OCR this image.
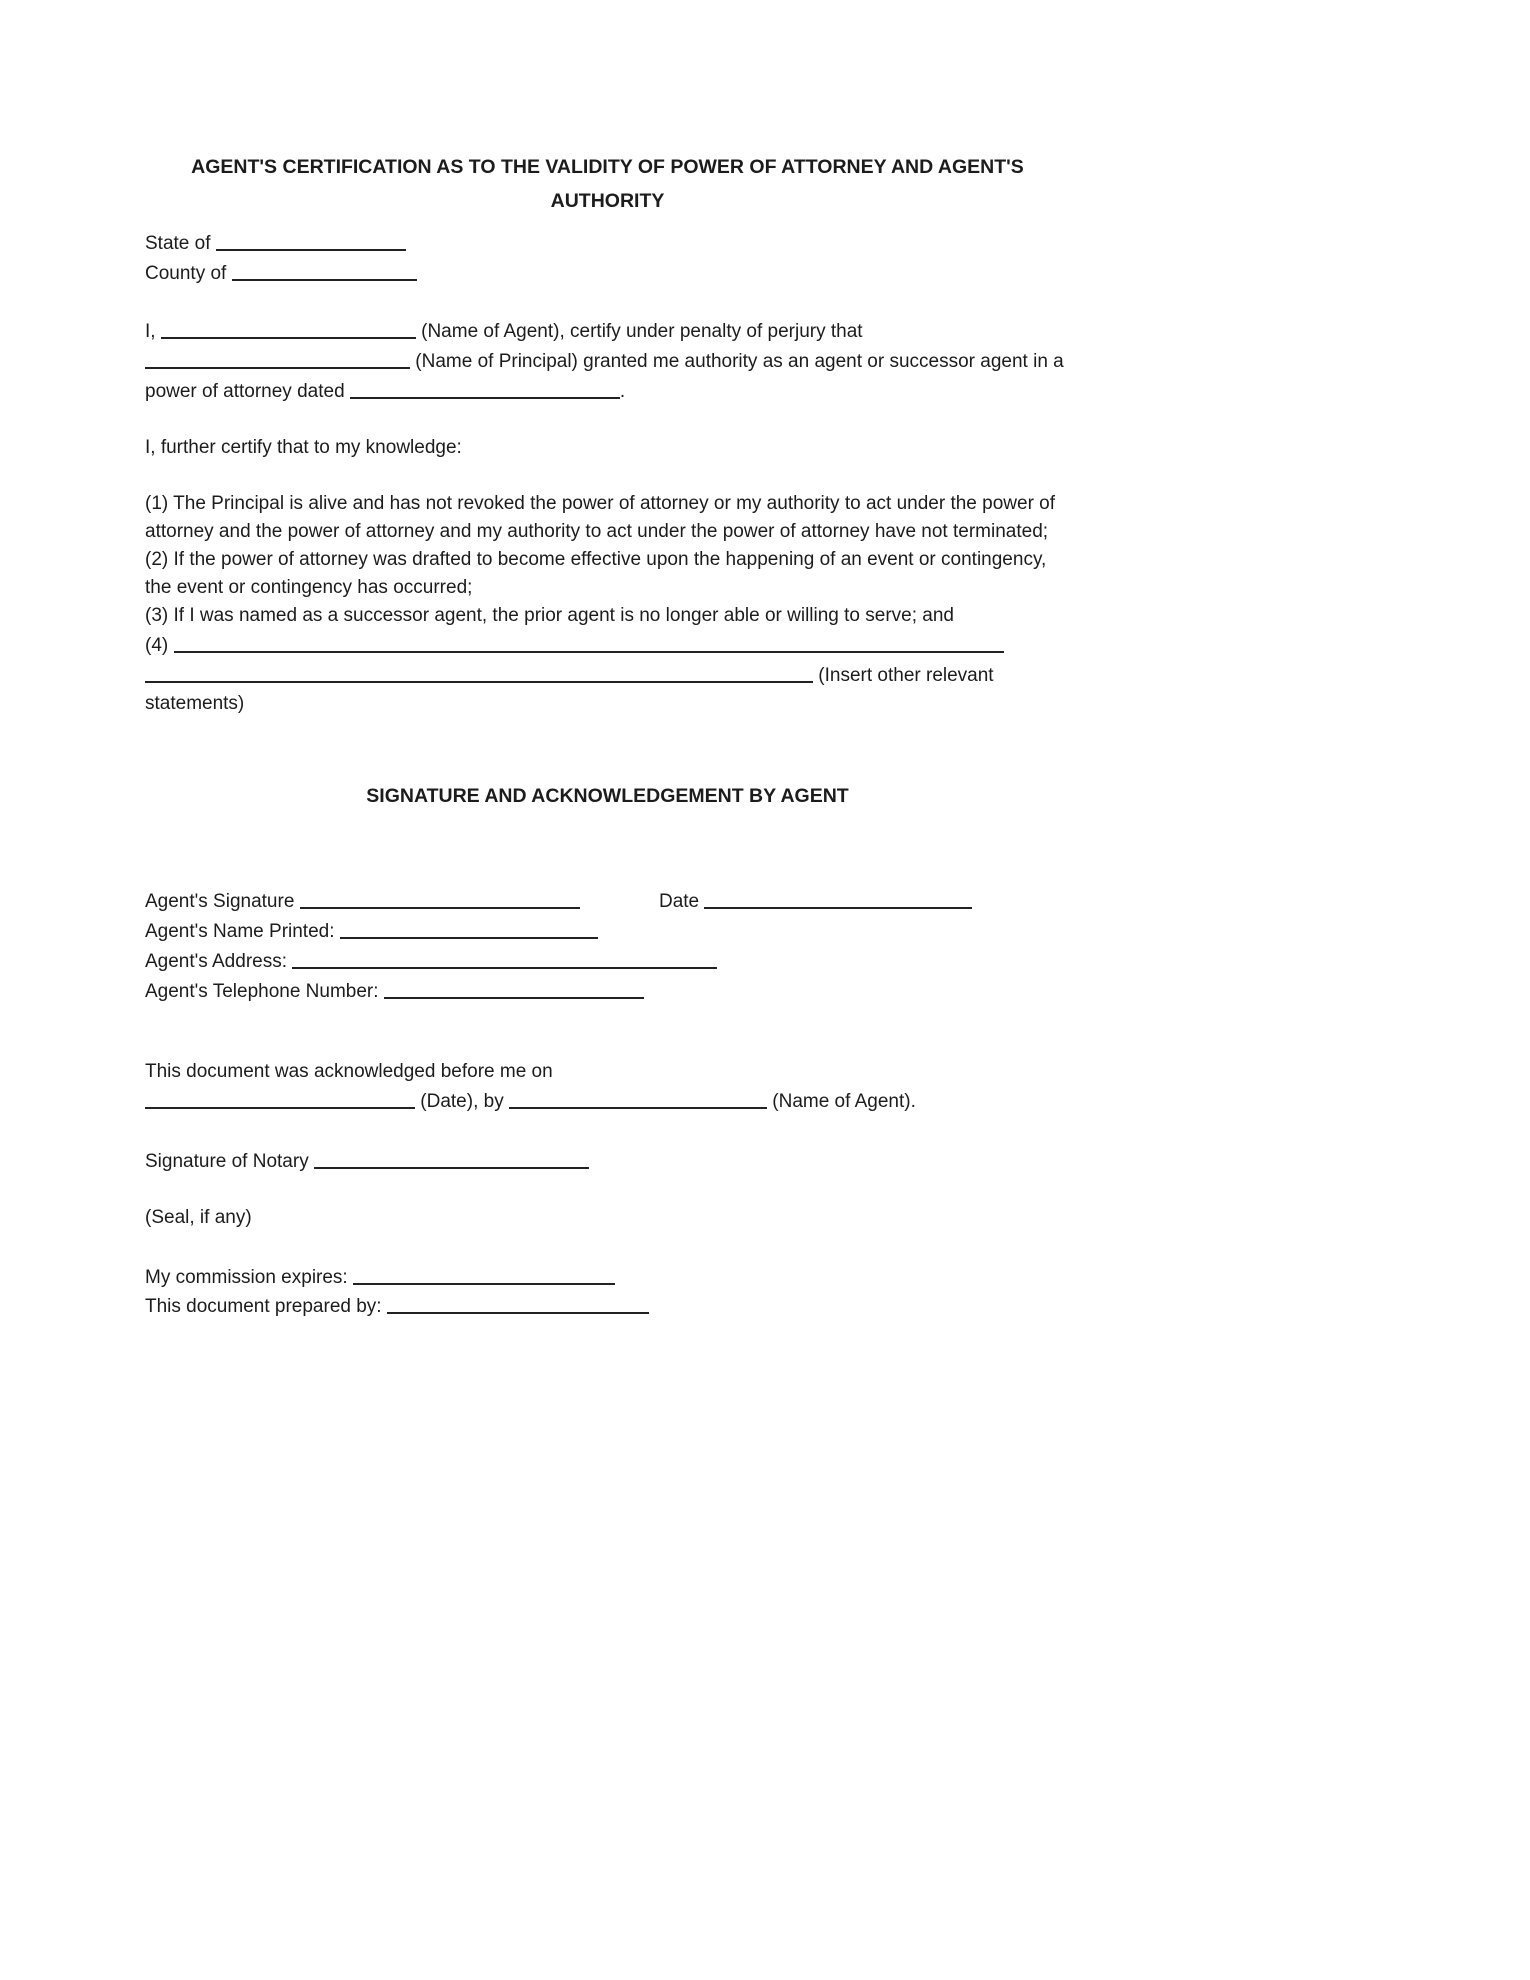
AGENT'S CERTIFICATION AS TO THE VALIDITY OF POWER OF ATTORNEY AND AGENT'S AUTHORITY

State of

County of

I,	(Name of Agent), certify under penalty of perjury that  (Name of Principal) granted me authority as an agent or successor agent in a power of attorney dated	.

I, further certify that to my knowledge:

(1) The Principal is alive and has not revoked the power of attorney or my authority to act under the power of attorney and the power of attorney and my authority to act under the power of attorney have not terminated;

(2) If the power of attorney was drafted to become effective upon the happening of an event or contingency, the event or contingency has occurred;

(3) If I was named as a successor agent, the prior agent is no longer able or willing to serve; and

(4)   (Insert other relevant statements)

SIGNATURE AND ACKNOWLEDGEMENT BY AGENT

Agent's Signature	Date

Agent's Name Printed:

Agent's Address:

Agent's Telephone Number:

This document was acknowledged before me on

(Date), by	(Name of Agent).

Signature of Notary

(Seal, if any)

My commission expires:

This document prepared by:
